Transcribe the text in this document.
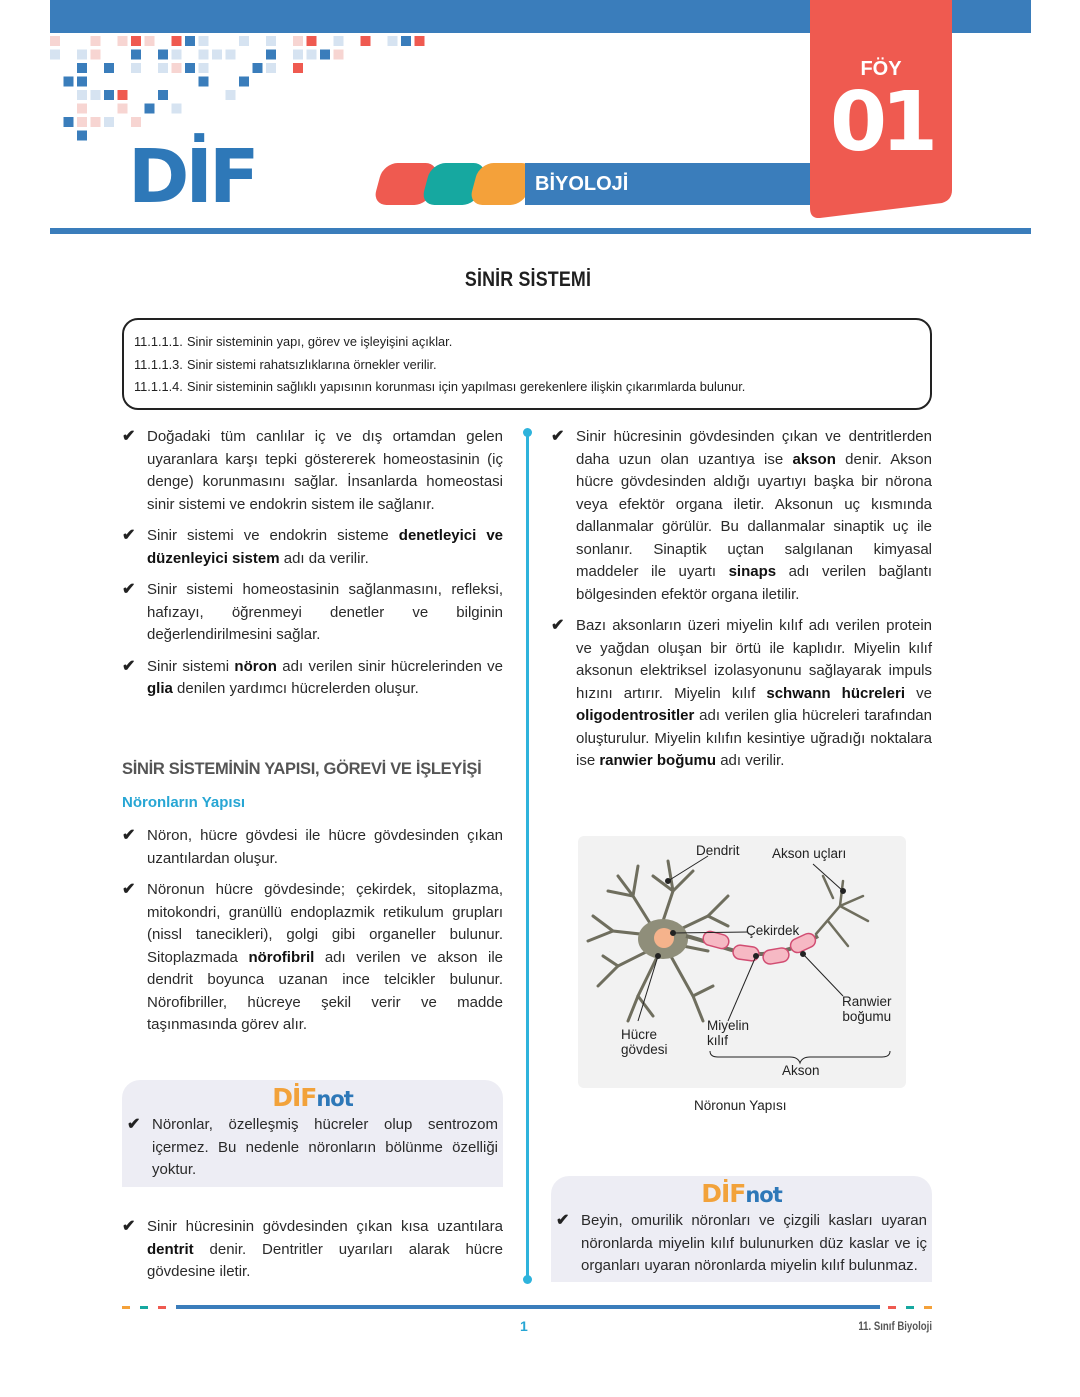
DİF	BİYOLOJİ
FÖY
01
SİNİR SİSTEMİ
11.1.1.1. Sinir sisteminin yapı, görev ve işleyişini açıklar.
11.1.1.3. Sinir sistemi rahatsızlıklarına örnekler verilir.
11.1.1.4. Sinir sisteminin sağlıklı yapısının korunması için yapılması gerekenlere ilişkin çıkarımlarda bulunur.
✔ Doğadaki tüm canlılar iç ve dış ortamdan gelen uyaranlara karşı tepki göstererek homeostasinin (iç denge) korunmasını sağlar. İnsanlarda homeostasi sinir sistemi ve endokrin sistem ile sağlanır.
✔ Sinir sistemi ve endokrin sisteme denetleyici ve düzenleyici sistem adı da verilir.
✔ Sinir sistemi homeostasinin sağlanmasını, refleksi, hafızayı, öğrenmeyi denetler ve bilginin değerlendirilmesini sağlar.
✔ Sinir sistemi nöron adı verilen sinir hücrelerinden ve glia denilen yardımcı hücrelerden oluşur.
SİNİR SİSTEMİNİN YAPISI, GÖREVİ VE İŞLEYİŞİ
Nöronların Yapısı
✔ Nöron, hücre gövdesi ile hücre gövdesinden çıkan uzantılardan oluşur.
✔ Nöronun hücre gövdesinde; çekirdek, sitoplazma, mitokondri, granüllü endoplazmik retikulum grupları (nissl tanecikleri), golgi gibi organeller bulunur. Sitoplazmada nörofibril adı verilen ve akson ile dendrit boyunca uzanan ince telcikler bulunur. Nörofibriller, hücreye şekil verir ve madde taşınmasında görev alır.
DİFnot
✔ Nöronlar, özelleşmiş hücreler olup sentrozom içermez. Bu nedenle nöronların bölünme özelliği yoktur.
✔ Sinir hücresinin gövdesinden çıkan kısa uzantılara dentrit denir. Dentritler uyarıları alarak hücre gövdesine iletir.
✔ Sinir hücresinin gövdesinden çıkan ve dentritlerden daha uzun olan uzantıya ise akson denir. Akson hücre gövdesinden aldığı uyartıyı başka bir nörona veya efektör organa iletir. Aksonun uç kısmında dallanmalar görülür. Bu dallanmalar sinaptik uç ile sonlanır. Sinaptik uçtan salgılanan kimyasal maddeler ile uyartı sinaps adı verilen bağlantı bölgesinden efektör organa iletilir.
✔ Bazı aksonların üzeri miyelin kılıf adı verilen protein ve yağdan oluşan bir örtü ile kaplıdır. Miyelin kılıf aksonun elektriksel izolasyonunu sağlayarak impuls hızını artırır. Miyelin kılıf schwann hücreleri ve oligodentrositler adı verilen glia hücreleri tarafından oluşturulur. Miyelin kılıfın kesintiye uğradığı noktalara ise ranwier boğumu adı verilir.
Dendrit Akson uçları
Çekirdek
Ranwier
boğumu
Hücre
gövdesi
Miyelin
kılıf
Akson
Nöronun Yapısı
DİFnot
✔ Beyin, omurilik nöronları ve çizgili kasları uyaran nöronlarda miyelin kılıf bulunurken düz kaslar ve iç organları uyaran nöronlarda miyelin kılıf bulunmaz.
1	11. Sınıf Biyoloji
